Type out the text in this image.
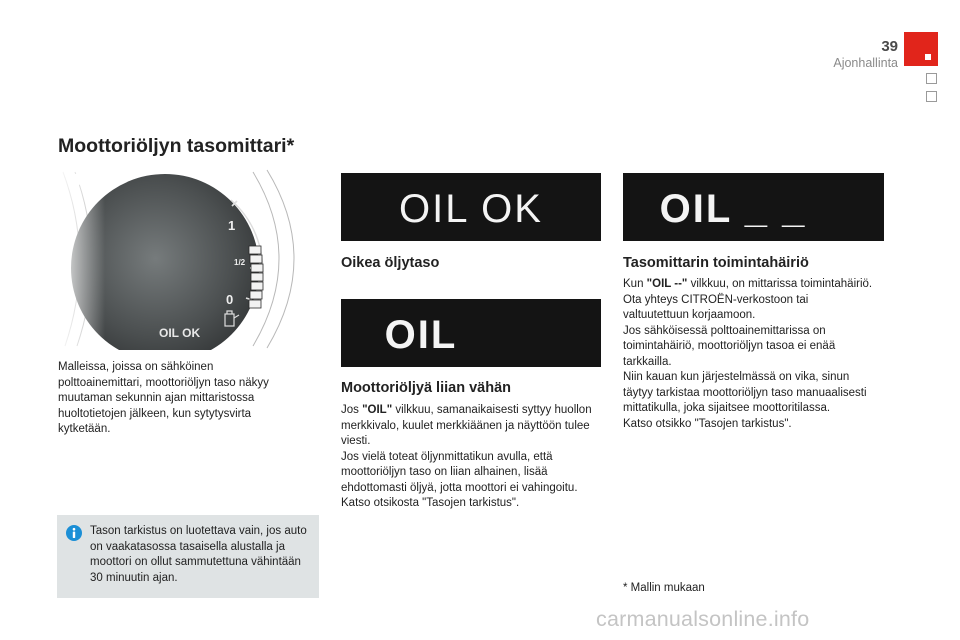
39
Ajonhallinta
Moottoriöljyn tasomittari*
1
1/2
0
OIL OK
Malleissa, joissa on sähköinen polttoainemittari, moottoriöljyn taso näkyy muutaman sekunnin ajan mittaristossa huoltotietojen jälkeen, kun sytytysvirta kytketään.
Tason tarkistus on luotettava vain, jos auto on vaakatasossa tasaisella alustalla ja moottori on ollut sammutettuna vähintään 30 minuutin ajan.
OIL OK
Oikea öljytaso
OIL
Moottoriöljyä liian vähän
Jos "OIL" vilkkuu, samanaikaisesti syttyy huollon merkkivalo, kuulet merkkiäänen ja näyttöön tulee viesti.
Jos vielä toteat öljynmittatikun avulla, että moottoriöljyn taso on liian alhainen, lisää ehdottomasti öljyä, jotta moottori ei vahingoitu.
Katso otsikosta "Tasojen tarkistus".
OIL _ _
Tasomittarin toimintahäiriö
Kun "OIL --" vilkkuu, on mittarissa toimintahäiriö.
Ota yhteys CITROËN-verkostoon tai valtuutettuun korjaamoon.
Jos sähköisessä polttoainemittarissa on toimintahäiriö, moottoriöljyn tasoa ei enää tarkkailla.
Niin kauan kun järjestelmässä on vika, sinun täytyy tarkistaa moottoriöljyn taso manuaalisesti mittatikulla, joka sijaitsee moottoritilassa.
Katso otsikko "Tasojen tarkistus".
* Mallin mukaan
carmanualsonline.info
